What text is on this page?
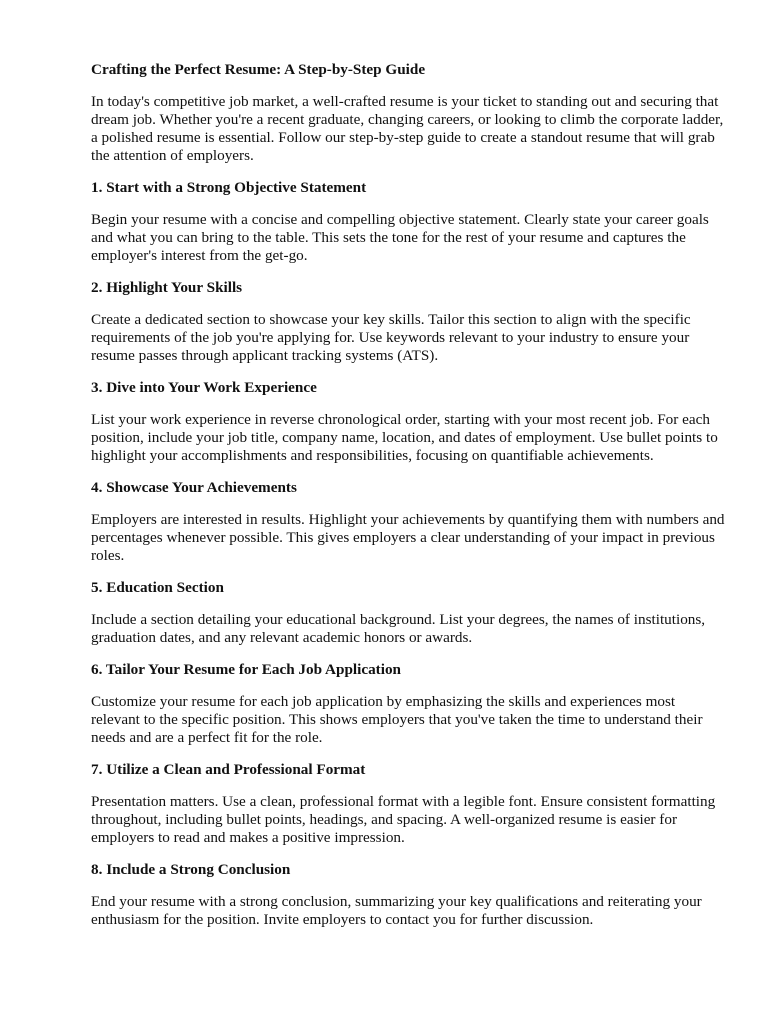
Crafting the Perfect Resume: A Step-by-Step Guide

In today's competitive job market, a well-crafted resume is your ticket to standing out and securing that dream job. Whether you're a recent graduate, changing careers, or looking to climb the corporate ladder, a polished resume is essential. Follow our step-by-step guide to create a standout resume that will grab the attention of employers.

1. Start with a Strong Objective Statement

Begin your resume with a concise and compelling objective statement. Clearly state your career goals and what you can bring to the table. This sets the tone for the rest of your resume and captures the employer's interest from the get-go.

2. Highlight Your Skills

Create a dedicated section to showcase your key skills. Tailor this section to align with the specific requirements of the job you're applying for. Use keywords relevant to your industry to ensure your resume passes through applicant tracking systems (ATS).

3. Dive into Your Work Experience

List your work experience in reverse chronological order, starting with your most recent job. For each position, include your job title, company name, location, and dates of employment. Use bullet points to highlight your accomplishments and responsibilities, focusing on quantifiable achievements.

4. Showcase Your Achievements

Employers are interested in results. Highlight your achievements by quantifying them with numbers and percentages whenever possible. This gives employers a clear understanding of your impact in previous roles.

5. Education Section

Include a section detailing your educational background. List your degrees, the names of institutions, graduation dates, and any relevant academic honors or awards.

6. Tailor Your Resume for Each Job Application

Customize your resume for each job application by emphasizing the skills and experiences most relevant to the specific position. This shows employers that you've taken the time to understand their needs and are a perfect fit for the role.

7. Utilize a Clean and Professional Format

Presentation matters. Use a clean, professional format with a legible font. Ensure consistent formatting throughout, including bullet points, headings, and spacing. A well-organized resume is easier for employers to read and makes a positive impression.

8. Include a Strong Conclusion

End your resume with a strong conclusion, summarizing your key qualifications and reiterating your enthusiasm for the position. Invite employers to contact you for further discussion.
